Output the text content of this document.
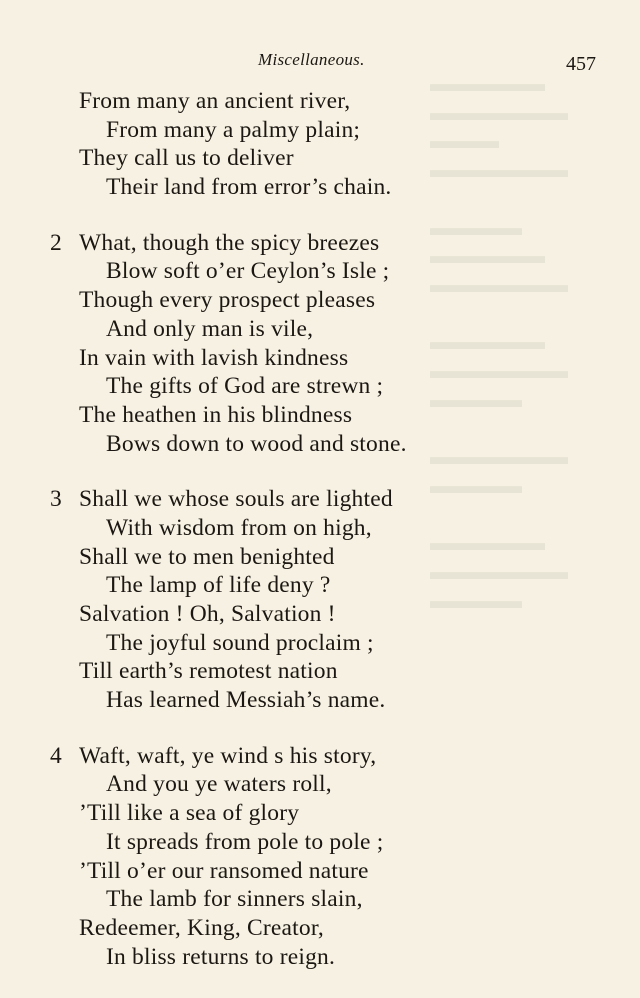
▬▬▬▬▬
▬▬▬▬▬▬
▬▬▬
▬▬▬▬▬▬

▬▬▬▬
▬▬▬▬▬
▬▬▬▬▬▬

▬▬▬▬▬
▬▬▬▬▬▬
▬▬▬▬

▬▬▬▬▬▬
▬▬▬▬

▬▬▬▬▬
▬▬▬▬▬▬
▬▬▬▬
Miscellaneous.	457
From many an ancient river,
From many a palmy plain;
They call us to deliver
Their land from error’s chain.
2 What, though the spicy breezes
Blow soft o’er Ceylon’s Isle ;
Though every prospect pleases
And only man is vile,
In vain with lavish kindness
The gifts of God are strewn ;
The heathen in his blindness
Bows down to wood and stone.
3 Shall we whose souls are lighted
With wisdom from on high,
Shall we to men benighted
The lamp of life deny ?
Salvation ! Oh, Salvation !
The joyful sound proclaim ;
Till earth’s remotest nation
Has learned Messiah’s name.
4 Waft, waft, ye wind s his story,
And you ye waters roll,
’Till like a sea of glory
It spreads from pole to pole ;
’Till o’er our ransomed nature
The lamb for sinners slain,
Redeemer, King, Creator,
In bliss returns to reign.
